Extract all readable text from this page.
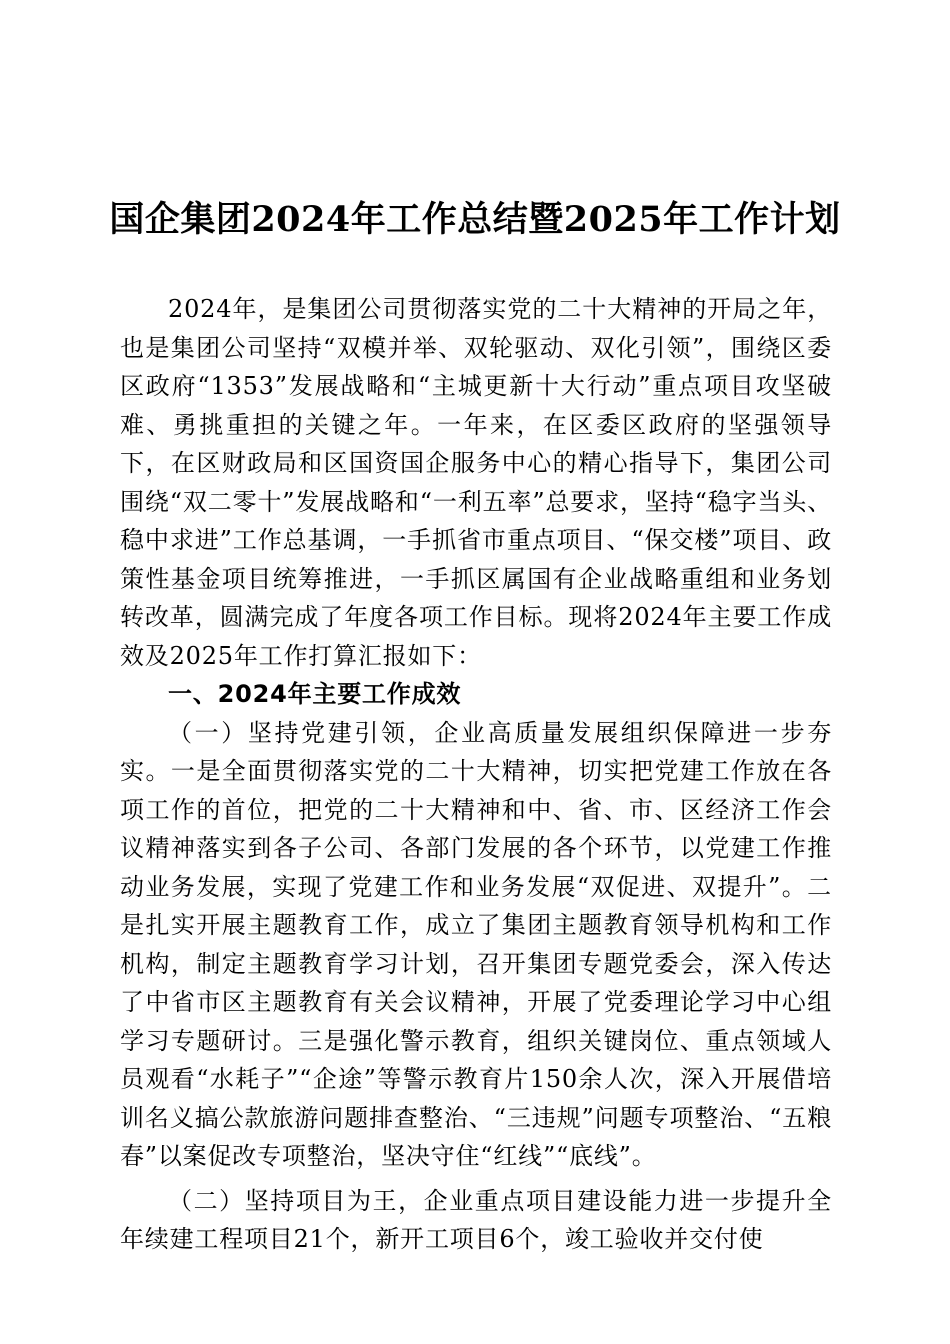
国企集团2024年工作总结暨2025年工作计划

2024年，是集团公司贯彻落实党的二十大精神的开局之年，也是集团公司坚持“双模并举、双轮驱动、双化引领”，围绕区委区政府“1353”发展战略和“主城更新十大行动”重点项目攻坚破难、勇挑重担的关键之年。一年来，在区委区政府的坚强领导下，在区财政局和区国资国企服务中心的精心指导下，集团公司围绕“双二零十”发展战略和“一利五率”总要求，坚持“稳字当头、稳中求进”工作总基调，一手抓省市重点项目、“保交楼”项目、政策性基金项目统筹推进，一手抓区属国有企业战略重组和业务划转改革，圆满完成了年度各项工作目标。现将2024年主要工作成效及2025年工作打算汇报如下：

一、2024年主要工作成效

（一）坚持党建引领，企业高质量发展组织保障进一步夯实。一是全面贯彻落实党的二十大精神，切实把党建工作放在各项工作的首位，把党的二十大精神和中、省、市、区经济工作会议精神落实到各子公司、各部门发展的各个环节，以党建工作推动业务发展，实现了党建工作和业务发展“双促进、双提升”。二是扎实开展主题教育工作，成立了集团主题教育领导机构和工作机构，制定主题教育学习计划，召开集团专题党委会，深入传达了中省市区主题教育有关会议精神，开展了党委理论学习中心组学习专题研讨。三是强化警示教育，组织关键岗位、重点领域人员观看“水耗子”“企途”等警示教育片150余人次，深入开展借培训名义搞公款旅游问题排查整治、“三违规”问题专项整治、“五粮春”以案促改专项整治，坚决守住“红线”“底线”。

（二）坚持项目为王，企业重点项目建设能力进一步提升全年续建工程项目21个，新开工项目6个，竣工验收并交付使
